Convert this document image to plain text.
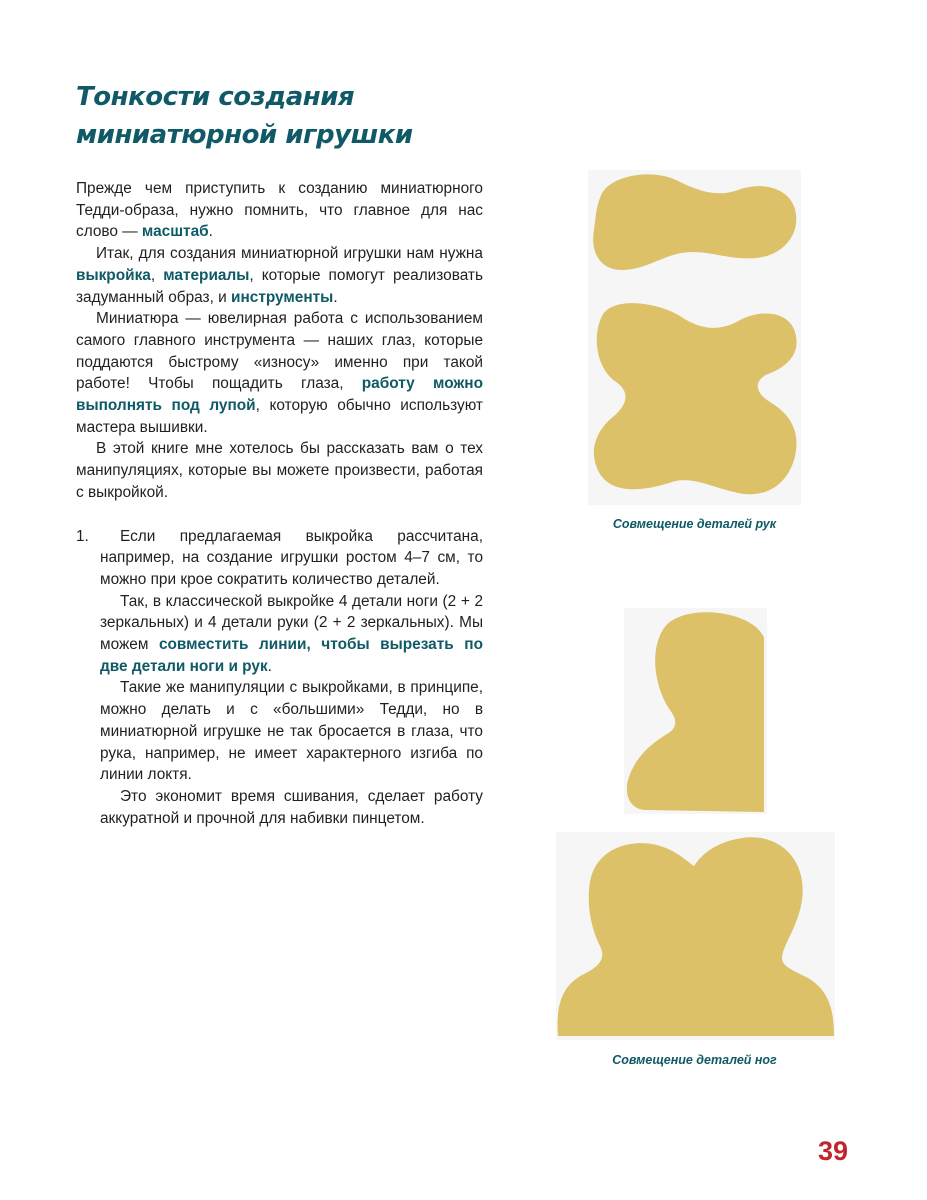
Тонкости создания
миниатюрной игрушки

Прежде чем приступить к созданию миниатюрного Тедди-образа, нужно помнить, что главное для нас слово — масштаб.

Итак, для создания миниатюрной игрушки нам нужна выкройка, материалы, которые помогут реализовать задуманный образ, и инструменты.

Миниатюра — ювелирная работа с использованием самого главного инструмента — наших глаз, которые поддаются быстрому «износу» именно при такой работе! Чтобы пощадить глаза, работу можно выполнять под лупой, которую обычно используют мастера вышивки.

В этой книге мне хотелось бы рассказать вам о тех манипуляциях, которые вы можете произвести, работая с выкройкой.

1.	Если предлагаемая выкройка рассчитана, например, на создание игрушки ростом 4–7 см, то можно при крое сократить количество деталей.

Так, в классической выкройке 4 детали ноги (2 + 2 зеркальных) и 4 детали руки (2 + 2 зеркальных). Мы можем совместить линии, чтобы вырезать по две детали ноги и рук.

Такие же манипуляции с выкройками, в принципе, можно делать и с «большими» Тедди, но в миниатюрной игрушке не так бросается в глаза, что рука, например, не имеет характерного изгиба по линии локтя.

Это экономит время сшивания, сделает работу аккуратной и прочной для набивки пинцетом.

Совмещение деталей рук
Совмещение деталей ног
39
